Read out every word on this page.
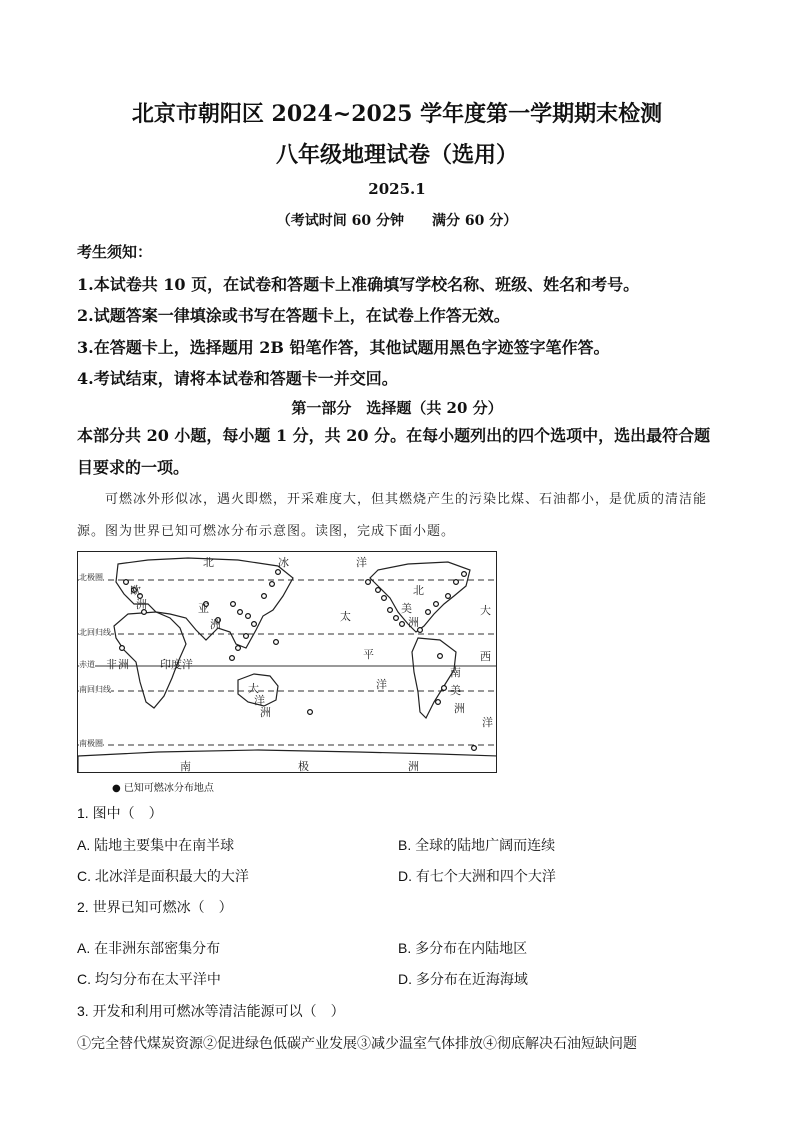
北京市朝阳区 2024~2025 学年度第一学期期末检测
八年级地理试卷（选用）
2025.1
（考试时间 60 分钟　　满分 60 分）
考生须知：
1.本试卷共 10 页，在试卷和答题卡上准确填写学校名称、班级、姓名和考号。
2.试题答案一律填涂或书写在答题卡上，在试卷上作答无效。
3.在答题卡上，选择题用 2B 铅笔作答，其他试题用黑色字迹签字笔作答。
4.考试结束，请将本试卷和答题卡一并交回。
第一部分　选择题（共 20 分）
本部分共 20 小题，每小题 1 分，共 20 分。在每小题列出的四个选项中，选出最符合题目要求的一项。
可燃冰外形似冰，遇火即燃，开采难度大，但其燃烧产生的污染比煤、石油都小，是优质的清洁能源。图为世界已知可燃冰分布示意图。读图，完成下面小题。
北极圈
北回归线
赤道
南回归线
南极圈
北	冰	洋
欧
洲	亚
洲
非 洲	印度洋
大
洋
洲
太
平
洋
北
美
洲
南
美
洲
大
西
洋
南	极	洲
● 已知可燃冰分布地点
1. 图中（　）
A. 陆地主要集中在南半球	B. 全球的陆地广阔而连续
C. 北冰洋是面积最大的大洋	D. 有七个大洲和四个大洋
2. 世界已知可燃冰（　）
A. 在非洲东部密集分布	B. 多分布在内陆地区
C. 均匀分布在太平洋中	D. 多分布在近海海域
3. 开发和利用可燃冰等清洁能源可以（　）
①完全替代煤炭资源②促进绿色低碳产业发展③减少温室气体排放④彻底解决石油短缺问题
